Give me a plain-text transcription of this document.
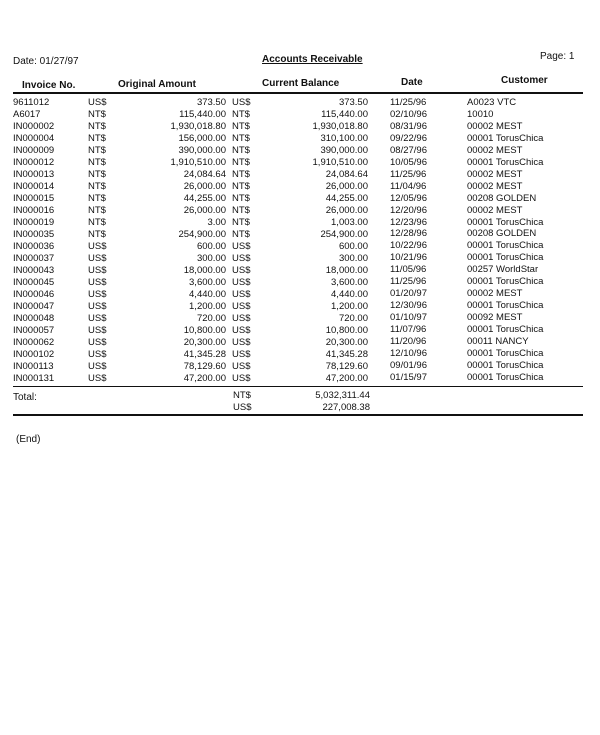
Date: 01/27/97	Accounts Receivable	Page: 1
Invoice No.	Original Amount	Current Balance	Date	Customer
9611012	US$	373.50 US$	373.50 11/25/96	A0023 VTC
A6017	NT$	115,440.00 NT$	115,440.00 02/10/96	10010
IN000002	NT$	1,930,018.80 NT$	1,930,018.80 08/31/96	00002 MEST
IN000004	NT$	156,000.00 NT$	310,100.00 09/22/96	00001 TorusChica
IN000009	NT$	390,000.00 NT$	390,000.00 08/27/96	00002 MEST
IN000012	NT$	1,910,510.00 NT$	1,910,510.00 10/05/96	00001 TorusChica
IN000013	NT$	24,084.64 NT$	24,084.64 11/25/96	00002 MEST
IN000014	NT$	26,000.00 NT$	26,000.00 11/04/96	00002 MEST
IN000015	NT$	44,255.00 NT$	44,255.00 12/05/96	00208 GOLDEN
IN000016	NT$	26,000.00 NT$	26,000.00 12/20/96	00002 MEST
IN000019	NT$	3.00 NT$	1,003.00 12/23/96	00001 TorusChica
IN000035	NT$	254,900.00 NT$	254,900.00 12/28/96	00208 GOLDEN
IN000036	US$	600.00 US$	600.00 10/22/96	00001 TorusChica
IN000037	US$	300.00 US$	300.00 10/21/96	00001 TorusChica
IN000043	US$	18,000.00 US$	18,000.00 11/05/96	00257 WorldStar
IN000045	US$	3,600.00 US$	3,600.00 11/25/96	00001 TorusChica
IN000046	US$	4,440.00 US$	4,440.00 01/20/97	00002 MEST
IN000047	US$	1,200.00 US$	1,200.00 12/30/96	00001 TorusChica
IN000048	US$	720.00 US$	720.00 01/10/97	00092 MEST
IN000057	US$	10,800.00 US$	10,800.00 11/07/96	00001 TorusChica
IN000062	US$	20,300.00 US$	20,300.00 11/20/96	00011 NANCY
IN000102	US$	41,345.28 US$	41,345.28 12/10/96	00001 TorusChica
IN000113	US$	78,129.60 US$	78,129.60 09/01/96	00001 TorusChica
IN000131	US$	47,200.00 US$	47,200.00 01/15/97	00001 TorusChica
Total:	NT$	5,032,311.44
US$	227,008.38
(End)
